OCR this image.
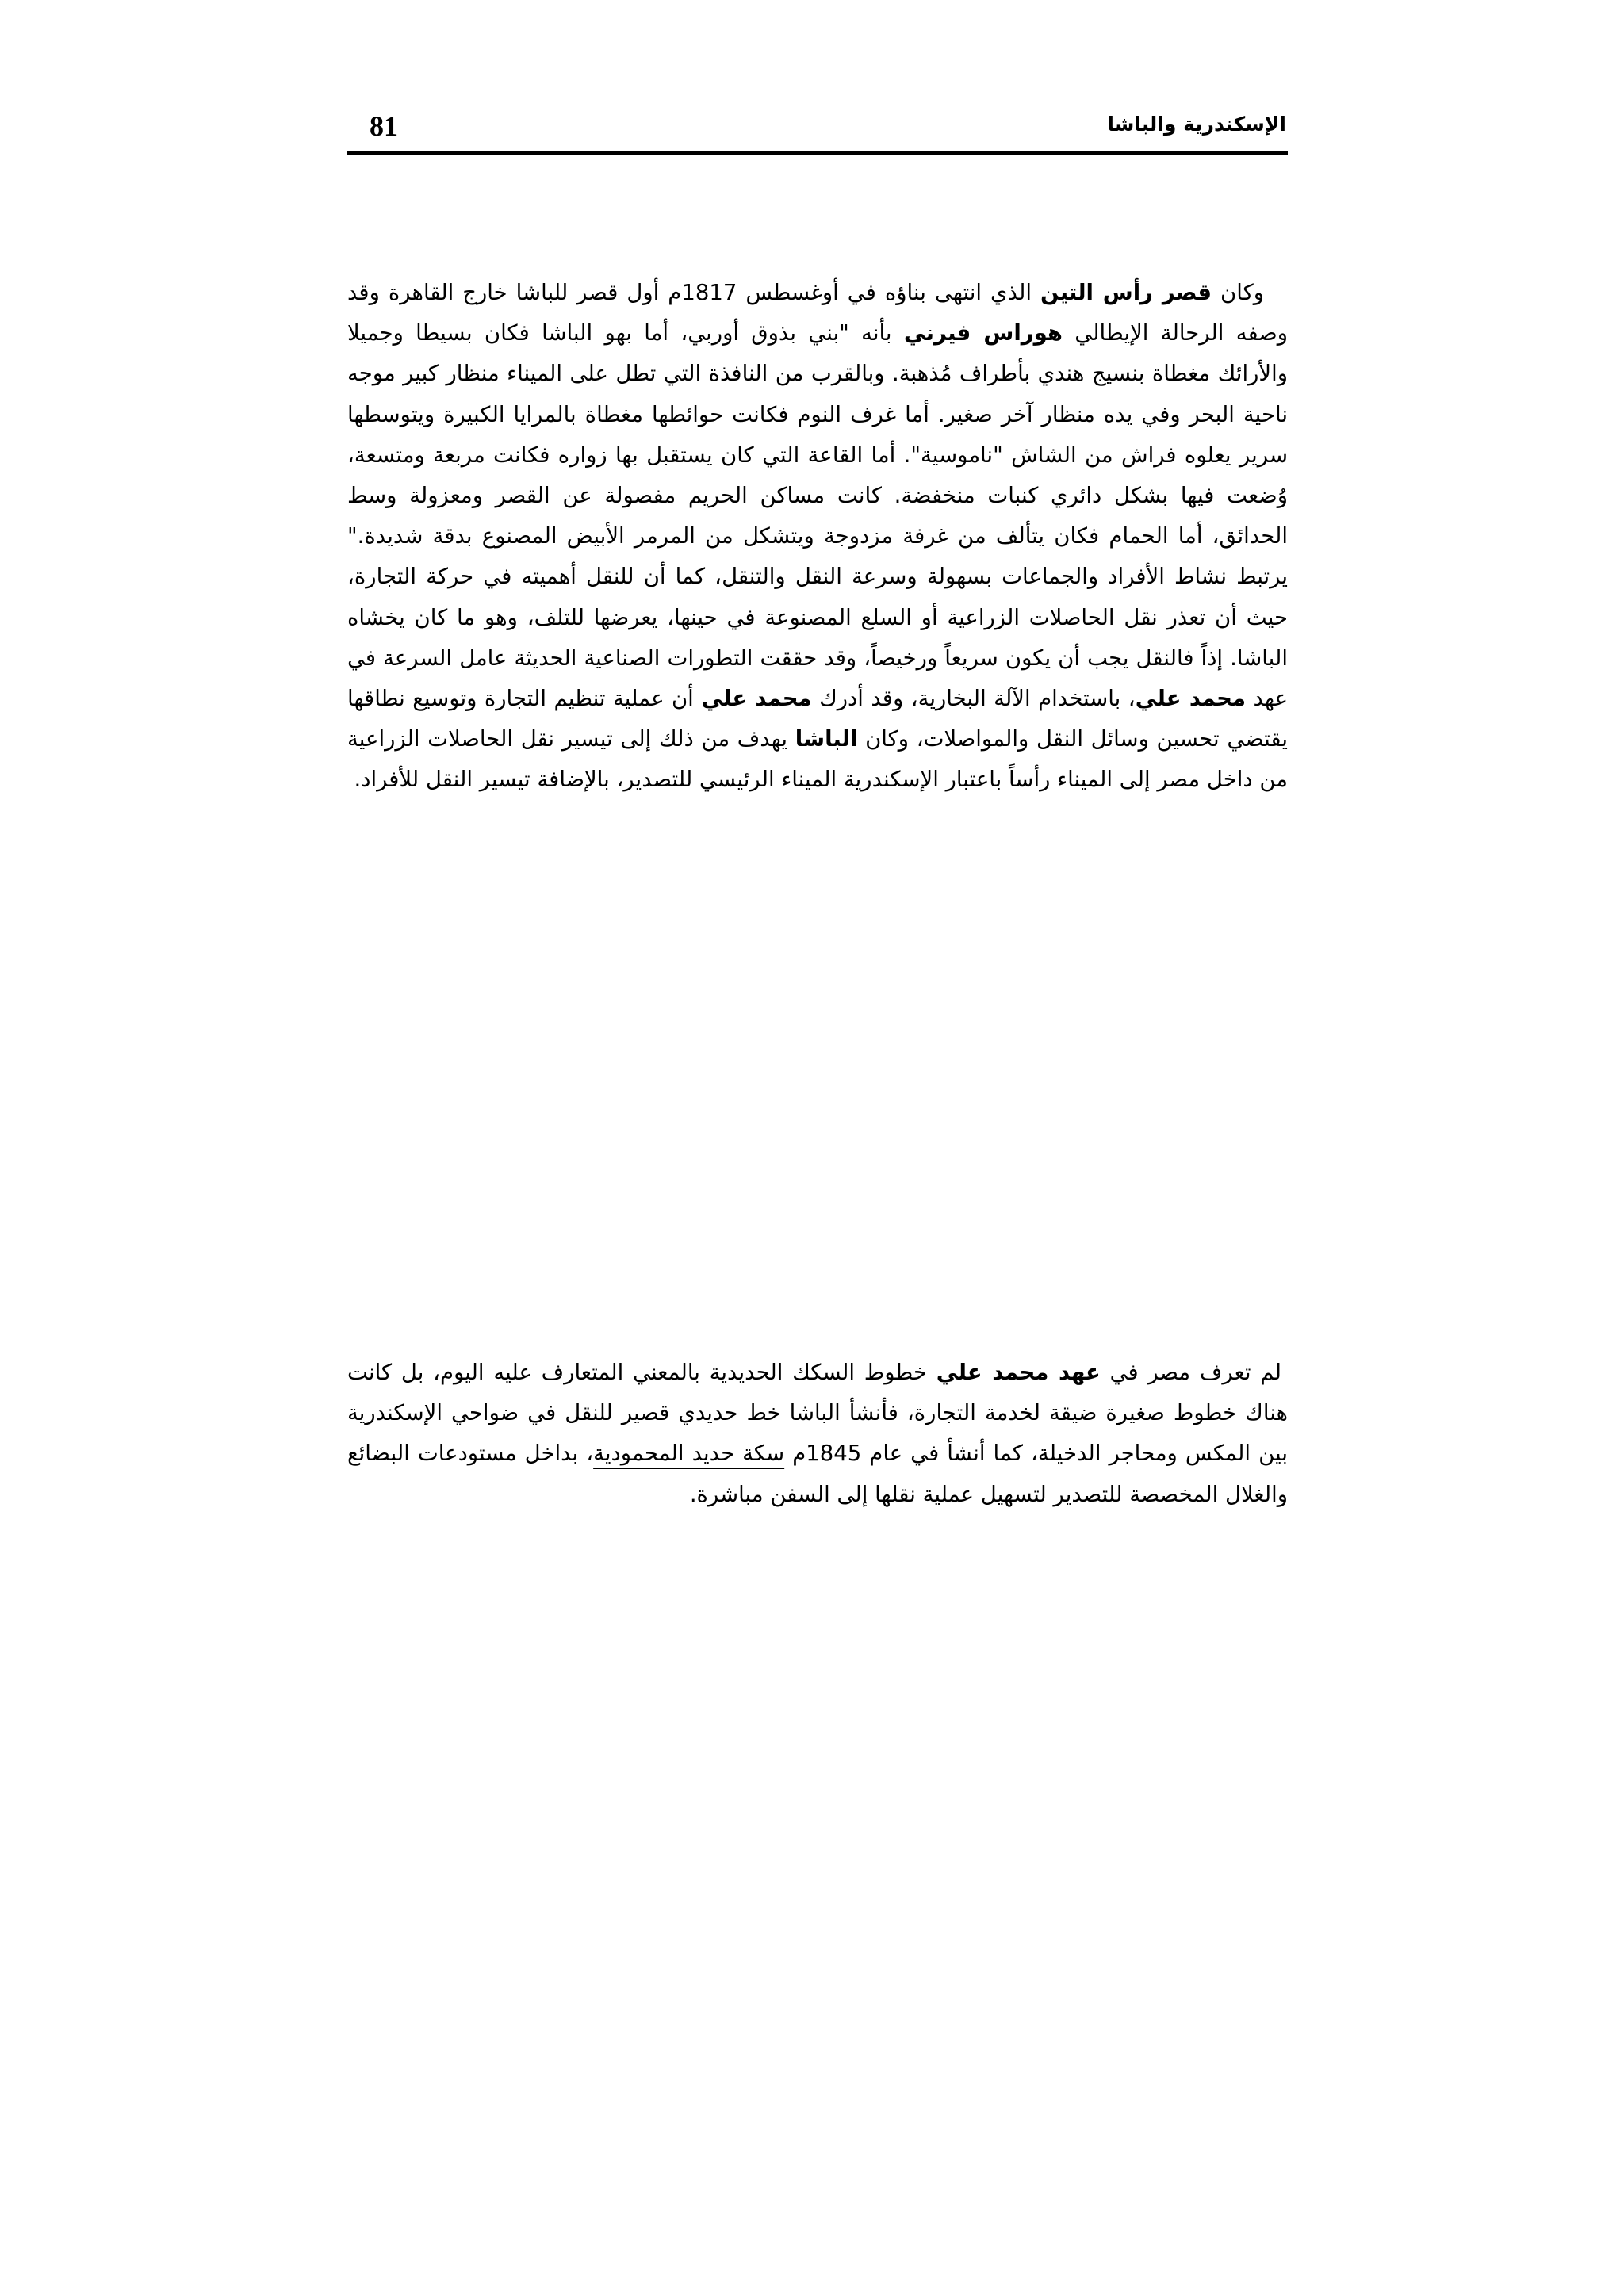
81	الإسكندرية والباشا
وكان قصر رأس التين الذي انتهى بناؤه في أوغسطس 1817م أول قصر للباشا خارج القاهرة وقد وصفه الرحالة الإيطالي هوراس فيرني بأنه "بني بذوق أوربي، أما بهو الباشا فكان بسيطا وجميلا والأرائك مغطاة بنسيج هندي بأطراف مُذهبة. وبالقرب من النافذة التي تطل على الميناء منظار كبير موجه ناحية البحر وفي يده منظار آخر صغير. أما غرف النوم فكانت حوائطها مغطاة بالمرايا الكبيرة ويتوسطها سرير يعلوه فراش من الشاش "ناموسية". أما القاعة التي كان يستقبل بها زواره فكانت مربعة ومتسعة، وُضعت فيها بشكل دائري كنبات منخفضة. كانت مساكن الحريم مفصولة عن القصر ومعزولة وسط الحدائق، أما الحمام فكان يتألف من غرفة مزدوجة ويتشكل من المرمر الأبيض المصنوع بدقة شديدة." يرتبط نشاط الأفراد والجماعات بسهولة وسرعة النقل والتنقل، كما أن للنقل أهميته في حركة التجارة، حيث أن تعذر نقل الحاصلات الزراعية أو السلع المصنوعة في حينها، يعرضها للتلف، وهو ما كان يخشاه الباشا. إذاً فالنقل يجب أن يكون سريعاً ورخيصاً، وقد حققت التطورات الصناعية الحديثة عامل السرعة في عهد محمد علي، باستخدام الآلة البخارية، وقد أدرك محمد علي أن عملية تنظيم التجارة وتوسيع نطاقها يقتضي تحسين وسائل النقل والمواصلات، وكان الباشا يهدف من ذلك إلى تيسير نقل الحاصلات الزراعية من داخل مصر إلى الميناء رأساً باعتبار الإسكندرية الميناء الرئيسي للتصدير، بالإضافة تيسير النقل للأفراد.
لم تعرف مصر في عهد محمد علي خطوط السكك الحديدية بالمعني المتعارف عليه اليوم، بل كانت هناك خطوط صغيرة ضيقة لخدمة التجارة، فأنشأ الباشا خط حديدي قصير للنقل في ضواحي الإسكندرية بين المكس ومحاجر الدخيلة، كما أنشأ في عام 1845م سكة حديد المحمودية، بداخل مستودعات البضائع والغلال المخصصة للتصدير لتسهيل عملية نقلها إلى السفن مباشرة.
